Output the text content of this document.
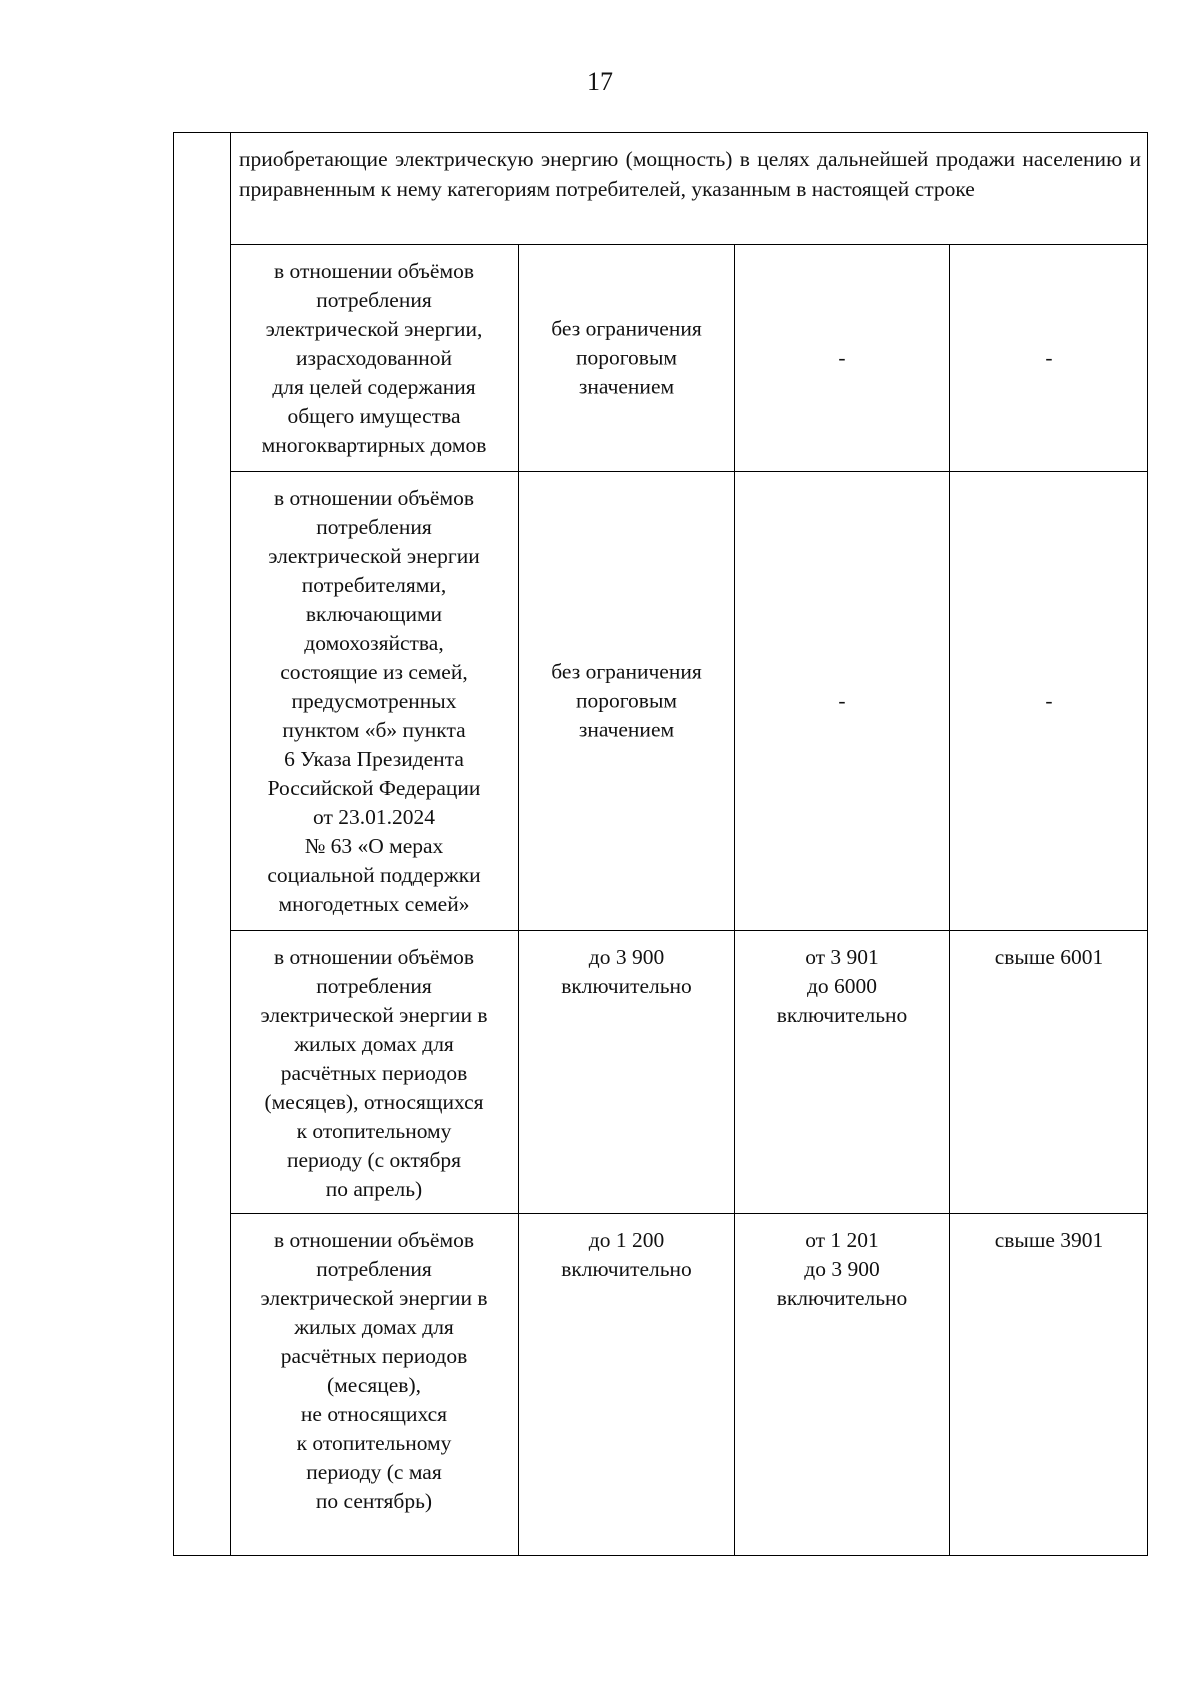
17
приобретающие электрическую энергию (мощность) в целях дальнейшей продажи населению и приравненным к нему категориям потребителей, указанным в настоящей строке

в отношении объёмов
потребления
электрической энергии,
израсходованной
для целей содержания
общего имущества
многоквартирных домов

без ограничения
пороговым
значением

-	-

в отношении объёмов
потребления
электрической энергии
потребителями,
включающими
домохозяйства,
состоящие из семей,
предусмотренных
пунктом «б» пункта
6 Указа Президента
Российской Федерации
от 23.01.2024
№ 63 «О мерах
социальной поддержки
многодетных семей»

без ограничения
пороговым
значением

-	-

в отношении объёмов
потребления
электрической энергии в
жилых домах для
расчётных периодов
(месяцев), относящихся
к отопительному
периоду (с октября
по апрель)

до 3 900
включительно

от 3 901
до 6000
включительно

свыше 6001

в отношении объёмов
потребления
электрической энергии в
жилых домах для
расчётных периодов
(месяцев),
не относящихся
к отопительному
периоду (с мая
по сентябрь)

до 1 200
включительно

от 1 201
до 3 900
включительно

свыше 3901
